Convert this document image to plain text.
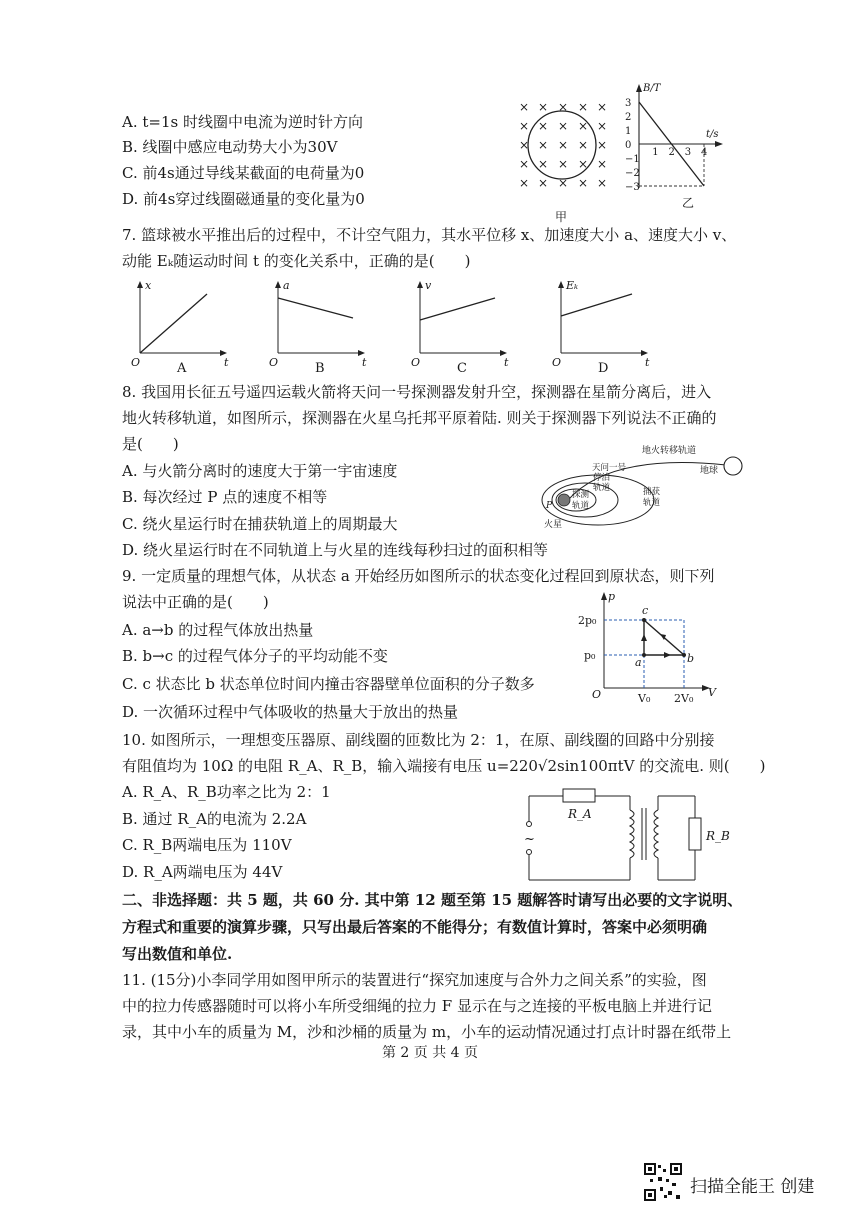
A. t=1s 时线圈中电流为逆时针方向
B. 线圈中感应电动势大小为30V
C. 前4s通过导线某截面的电荷量为0
D. 前4s穿过线圈磁通量的变化量为0
× × × × ×
× × × × ×
× × × × ×
× × × × ×
× × × × ×
甲
B/T
t/s
3
2
1
0
−1
−2
−3
1 2 3 4
乙
7. 篮球被水平推出后的过程中，不计空气阻力，其水平位移 x、加速度大小 a、速度大小 v、
动能 Eₖ随运动时间 t 的变化关系中，正确的是(　　)
x
t
O	A
a
t
O	B
v
t
O	C
Eₖ
t
O	D
8. 我国用长征五号遥四运载火箭将天问一号探测器发射升空，探测器在星箭分离后，进入
地火转移轨道，如图所示，探测器在火星乌托邦平原着陆. 则关于探测器下列说法不正确的
是(　　)
A. 与火箭分离时的速度大于第一宇宙速度
B. 每次经过 P 点的速度不相等
C. 绕火星运行时在捕获轨道上的周期最大
D. 绕火星运行时在不同轨道上与火星的连线每秒扫过的面积相等
地火转移轨道
地球
天问一号
停泊
轨道
探测
轨道
捕获
轨道
P
火星
9. 一定质量的理想气体，从状态 a 开始经历如图所示的状态变化过程回到原状态，则下列
说法中正确的是(　　)
A. a→b 的过程气体放出热量
B. b→c 的过程气体分子的平均动能不变
C. c 状态比 b 状态单位时间内撞击容器壁单位面积的分子数多
D. 一次循环过程中气体吸收的热量大于放出的热量
p
V
O
c
a	b
2p₀
p₀
V₀ 2V₀
10. 如图所示，一理想变压器原、副线圈的匝数比为 2：1，在原、副线圈的回路中分别接
有阻值均为 10Ω 的电阻 R_A、R_B，输入端接有电压 u=220√2sin100πtV 的交流电. 则(　　)
A. R_A、R_B功率之比为 2：1
B. 通过 R_A的电流为 2.2A
C. R_B两端电压为 110V
D. R_A两端电压为 44V
~
R_A
R_B
二、非选择题：共 5 题，共 60 分. 其中第 12 题至第 15 题解答时请写出必要的文字说明、
方程式和重要的演算步骤，只写出最后答案的不能得分；有数值计算时，答案中必须明确
写出数值和单位.
11. (15分)小李同学用如图甲所示的装置进行“探究加速度与合外力之间关系”的实验，图
中的拉力传感器随时可以将小车所受细绳的拉力 F 显示在与之连接的平板电脑上并进行记
录，其中小车的质量为 M，沙和沙桶的质量为 m，小车的运动情况通过打点计时器在纸带上
第 2 页 共 4 页
扫描全能王 创建
